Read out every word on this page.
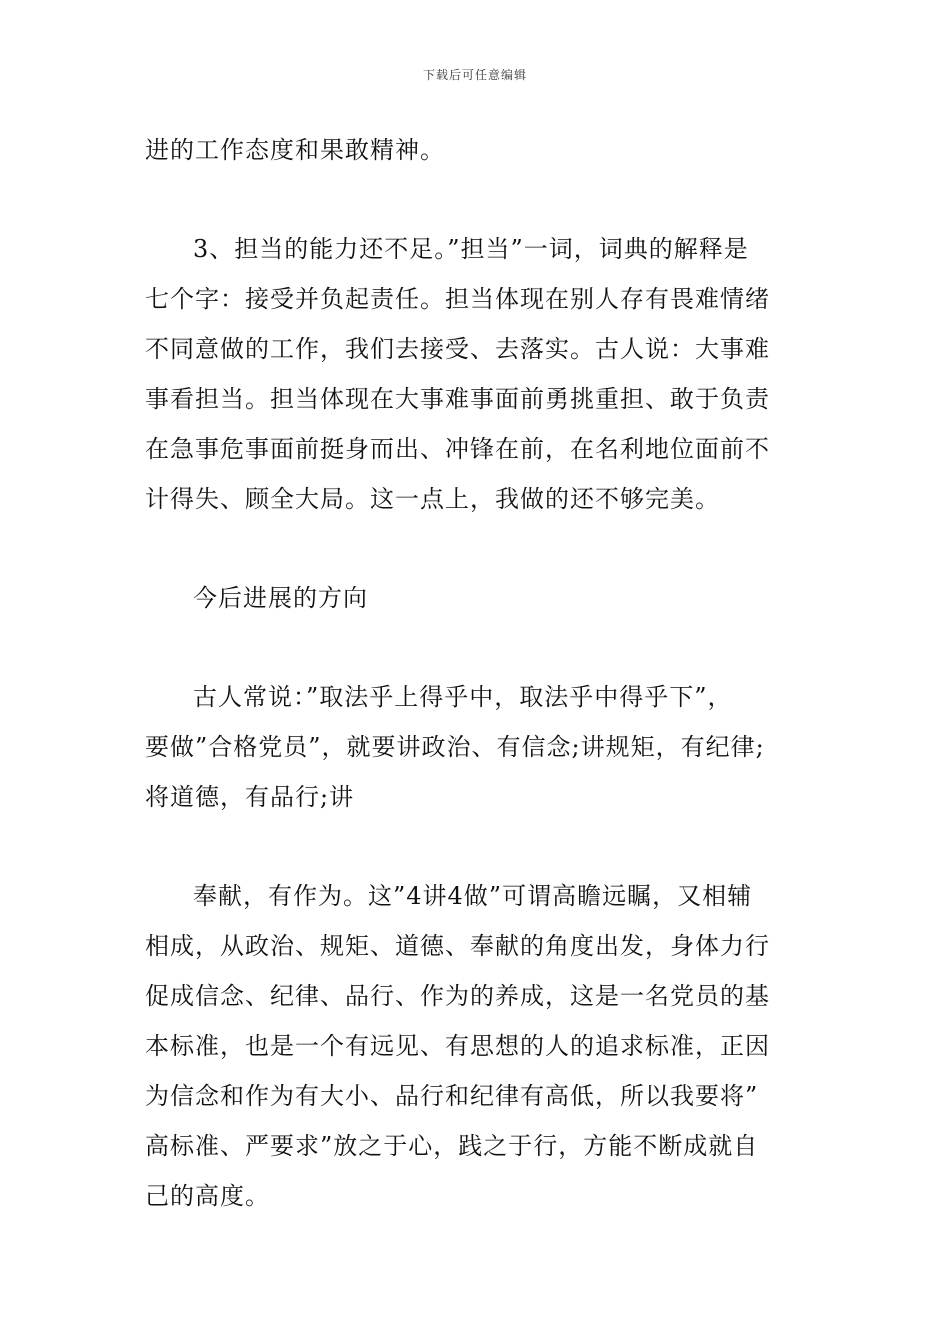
下载后可任意编辑
进的工作态度和果敢精神。
3、担当的能力还不足。”担当”一词，词典的解释是
七个字：接受并负起责任。担当体现在别人存有畏难情绪
不同意做的工作，我们去接受、去落实。古人说：大事难
事看担当。担当体现在大事难事面前勇挑重担、敢于负责
在急事危事面前挺身而出、冲锋在前，在名利地位面前不
计得失、顾全大局。这一点上，我做的还不够完美。
今后进展的方向
古人常说：”取法乎上得乎中，取法乎中得乎下”，
要做”合格党员”，就要讲政治、有信念;讲规矩，有纪律;
将道德，有品行;讲
奉献，有作为。这”4讲4做”可谓高瞻远瞩，又相辅
相成，从政治、规矩、道德、奉献的角度出发，身体力行
促成信念、纪律、品行、作为的养成，这是一名党员的基
本标准，也是一个有远见、有思想的人的追求标准，正因
为信念和作为有大小、品行和纪律有高低，所以我要将”
高标准、严要求”放之于心，践之于行，方能不断成就自
己的高度。
